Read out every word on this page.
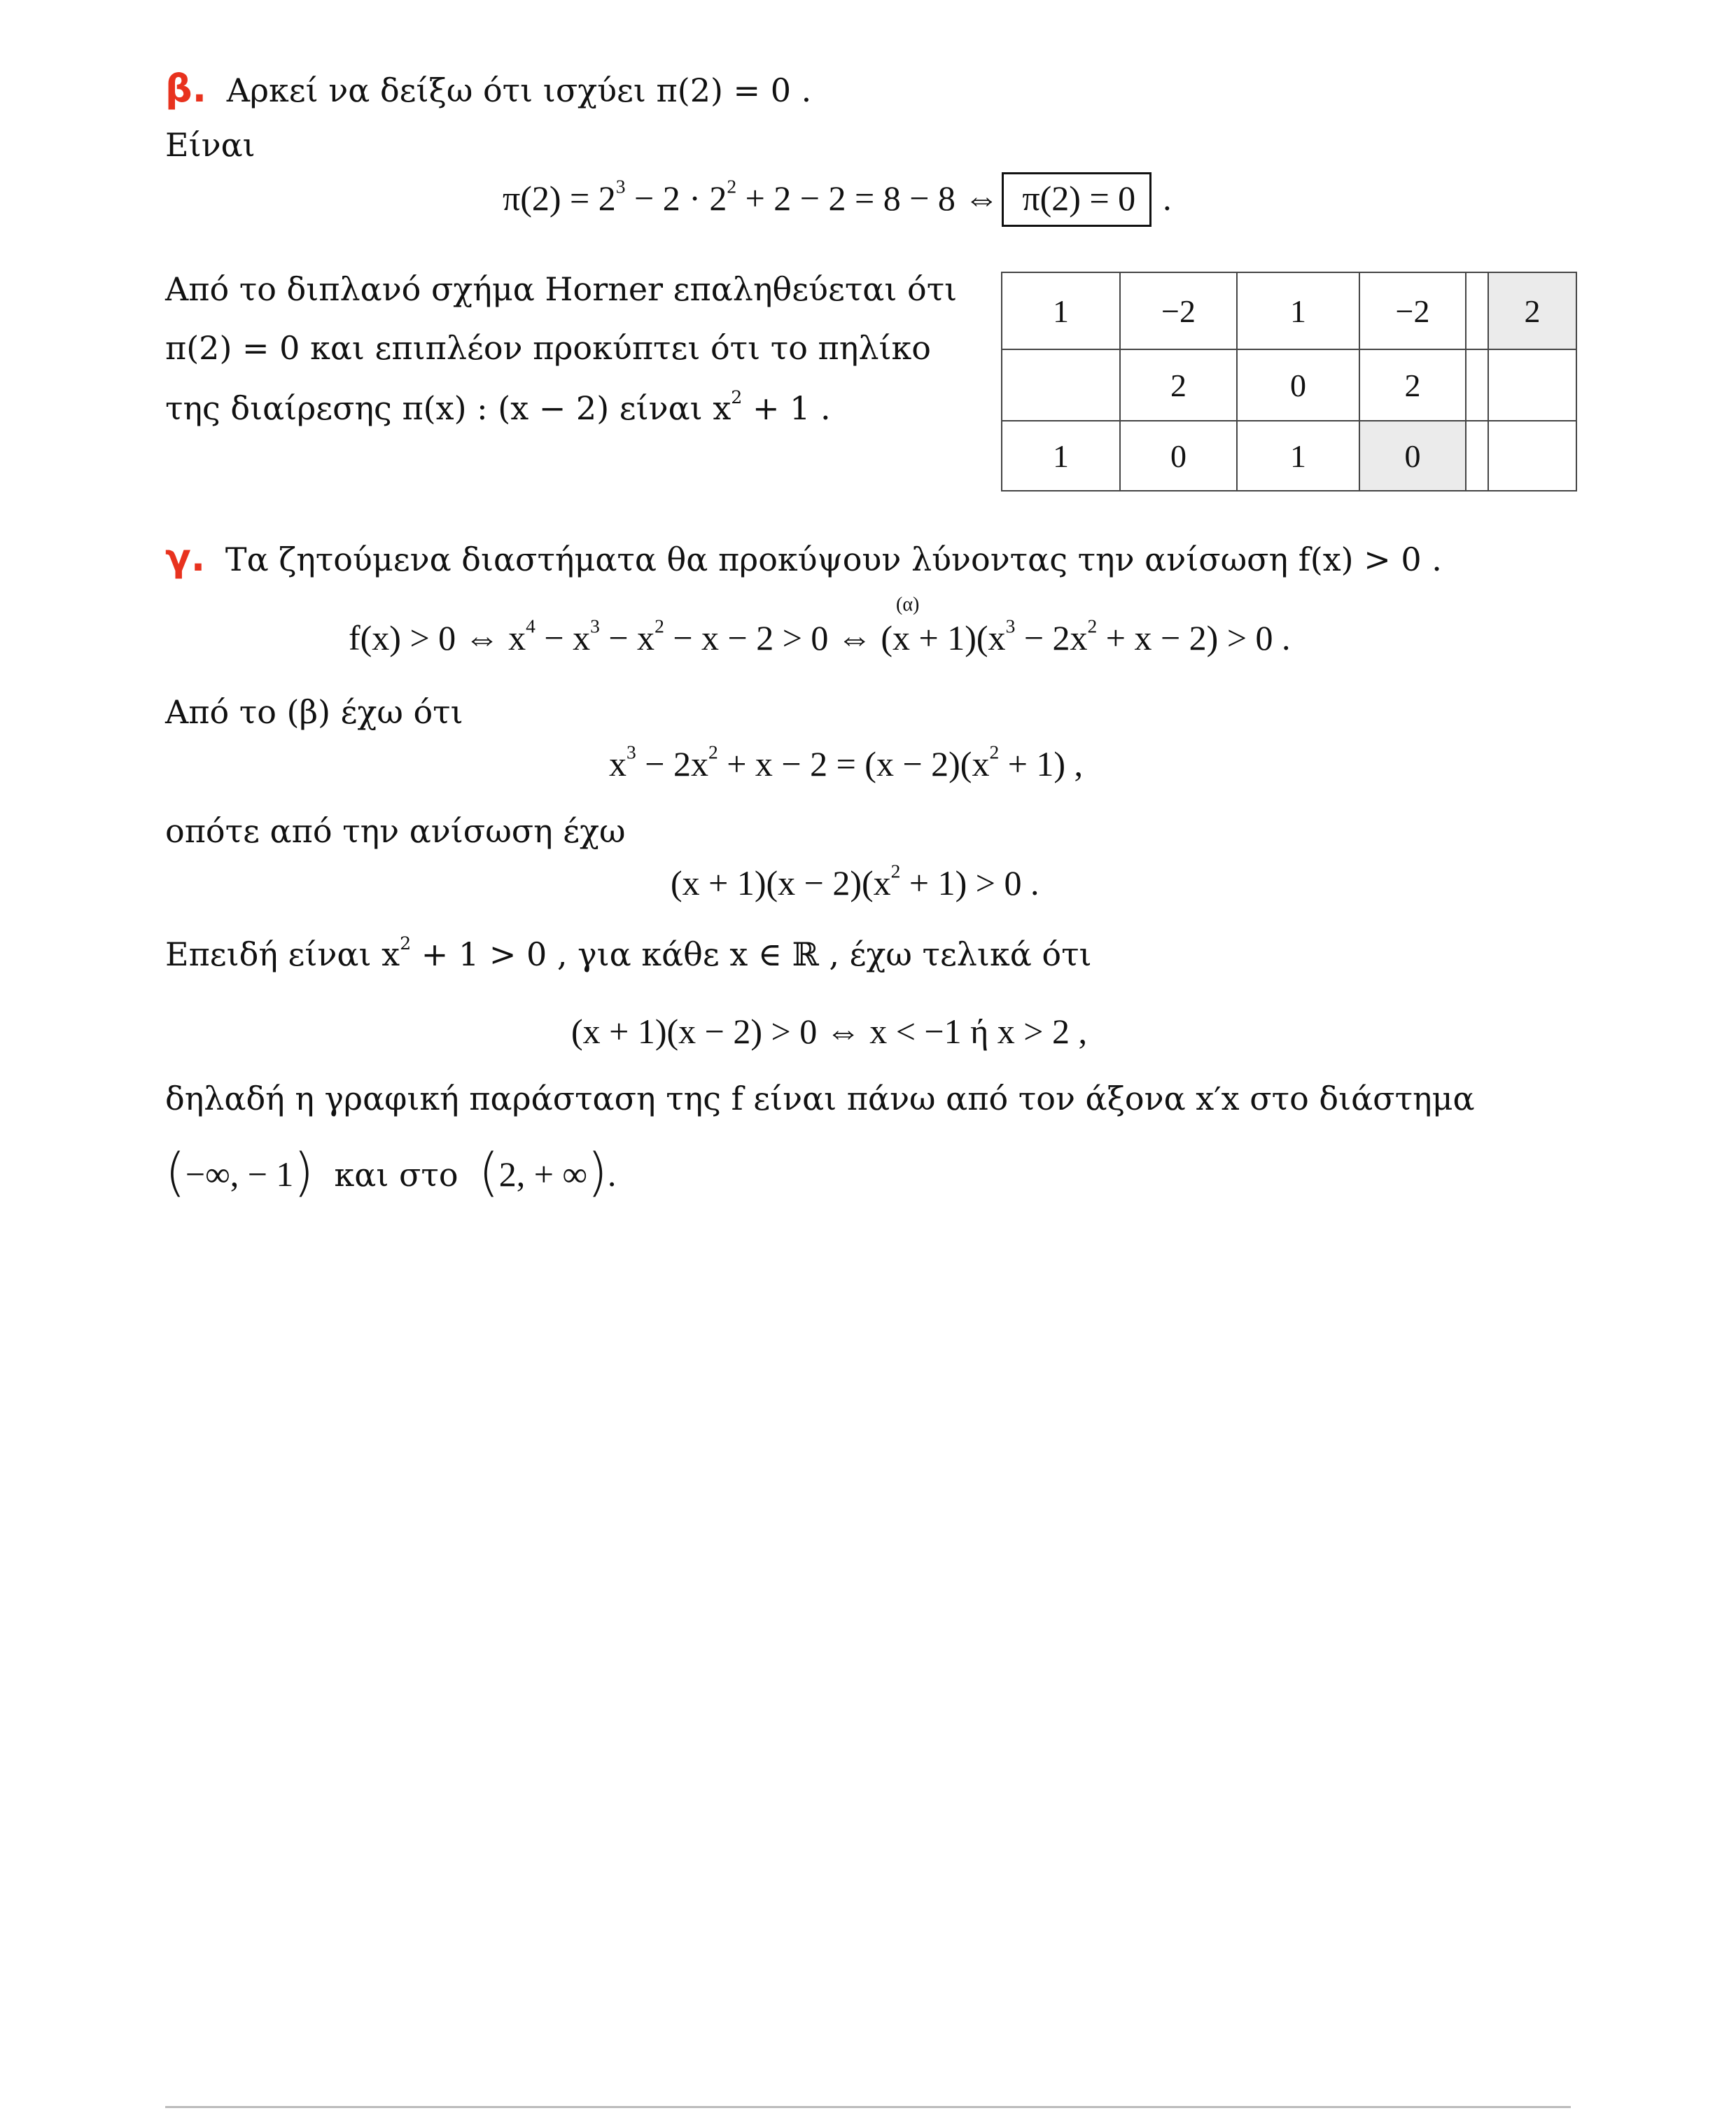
β. Αρκεί να δείξω ότι ισχύει π(2) = 0 .
Είναι
$\pi(2) = 2^3 - 2 \cdot 2^2 + 2 - 2 = 8 - 8$ ⇔ π(2) = 0 .
Από το διπλανό σχήμα Horner επαληθεύεται ότι
π(2) = 0 και επιπλέον προκύπτει ότι το πηλίκο
της διαίρεσης π(x) : (x − 2) είναι $x^2 + 1$ .
1	−2	1	−2		2
	2	0	2		
1	0	1	0		
γ. Τα ζητούμενα διαστήματα θα προκύψουν λύνοντας την ανίσωση f(x) > 0 .
(α)
f(x) > 0 ⇔ $x^4 - x^3 - x^2 - x - 2 > 0$ ⇔ $(x + 1)(x^3 - 2x^2 + x - 2) > 0$ .
Από το (β) έχω ότι
$x^3 - 2x^2 + x - 2 = (x - 2)(x^2 + 1)$ ,
οπότε από την ανίσωση έχω
$(x + 1)(x - 2)(x^2 + 1) > 0$ .
Επειδή είναι $x^2 + 1 > 0$ , για κάθε x ∈ ℝ , έχω τελικά ότι
(x + 1)(x − 2) > 0 ⇔ x < −1 ή x > 2 ,
δηλαδή η γραφική παράσταση της f είναι πάνω από τον άξονα x′x στο διάστημα
(−∞, − 1)  και στο  (2, + ∞).
